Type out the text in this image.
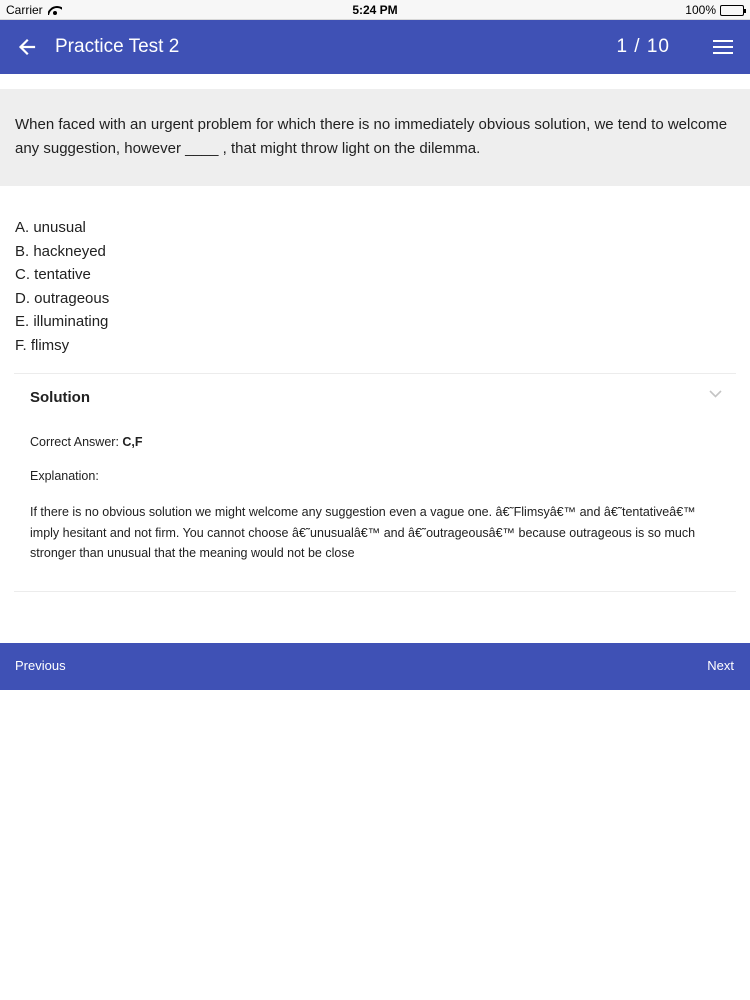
Carrier	5:24 PM	100%
Practice Test 2	1 / 10

When faced with an urgent problem for which there is no immediately obvious solution, we tend to welcome any suggestion, however ____ , that might throw light on the dilemma.

A. unusual
B. hackneyed
C. tentative
D. outrageous
E. illuminating
F. flimsy
Solution

Correct Answer: C,F

Explanation:

If there is no obvious solution we might welcome any suggestion even a vague one. â€˜Flimsyâ€™ and â€˜tentativeâ€™ imply hesitant and not firm. You cannot choose â€˜unusualâ€™ and â€˜outrageousâ€™ because outrageous is so much stronger than unusual that the meaning would not be close

Previous	Next
